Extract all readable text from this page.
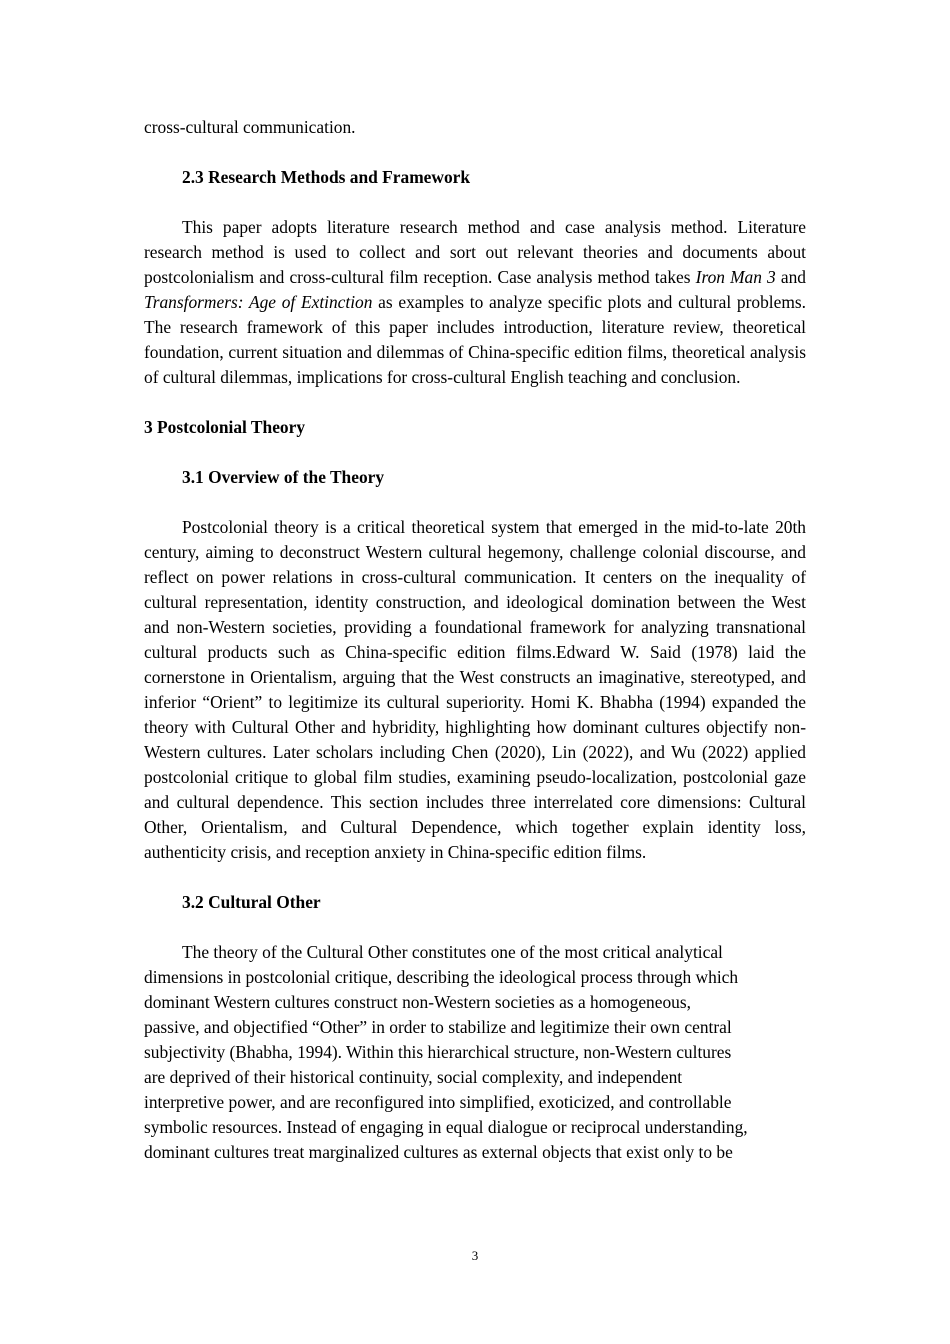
cross-cultural communication.

2.3 Research Methods and Framework

This paper adopts literature research method and case analysis method. Literature research method is used to collect and sort out relevant theories and documents about postcolonialism and cross-cultural film reception. Case analysis method takes Iron Man 3 and Transformers: Age of Extinction as examples to analyze specific plots and cultural problems. The research framework of this paper includes introduction, literature review, theoretical foundation, current situation and dilemmas of China-specific edition films, theoretical analysis of cultural dilemmas, implications for cross-cultural English teaching and conclusion.

3 Postcolonial Theory

3.1 Overview of the Theory

Postcolonial theory is a critical theoretical system that emerged in the mid-to-late 20th century, aiming to deconstruct Western cultural hegemony, challenge colonial discourse, and reflect on power relations in cross-cultural communication. It centers on the inequality of cultural representation, identity construction, and ideological domination between the West and non-Western societies, providing a foundational framework for analyzing transnational cultural products such as China-specific edition films.Edward W. Said (1978) laid the cornerstone in Orientalism, arguing that the West constructs an imaginative, stereotyped, and inferior “Orient” to legitimize its cultural superiority. Homi K. Bhabha (1994) expanded the theory with Cultural Other and hybridity, highlighting how dominant cultures objectify non-Western cultures. Later scholars including Chen (2020), Lin (2022), and Wu (2022) applied postcolonial critique to global film studies, examining pseudo-localization, postcolonial gaze and cultural dependence. This section includes three interrelated core dimensions: Cultural Other, Orientalism, and Cultural Dependence, which together explain identity loss, authenticity crisis, and reception anxiety in China-specific edition films.

3.2 Cultural Other

The theory of the Cultural Other constitutes one of the most critical analytical

dimensions in postcolonial critique, describing the ideological process through which

dominant Western cultures construct non-Western societies as a homogeneous,

passive, and objectified “Other” in order to stabilize and legitimize their own central

subjectivity (Bhabha, 1994). Within this hierarchical structure, non-Western cultures

are deprived of their historical continuity, social complexity, and independent

interpretive power, and are reconfigured into simplified, exoticized, and controllable

symbolic resources. Instead of engaging in equal dialogue or reciprocal understanding,

dominant cultures treat marginalized cultures as external objects that exist only to be

3
